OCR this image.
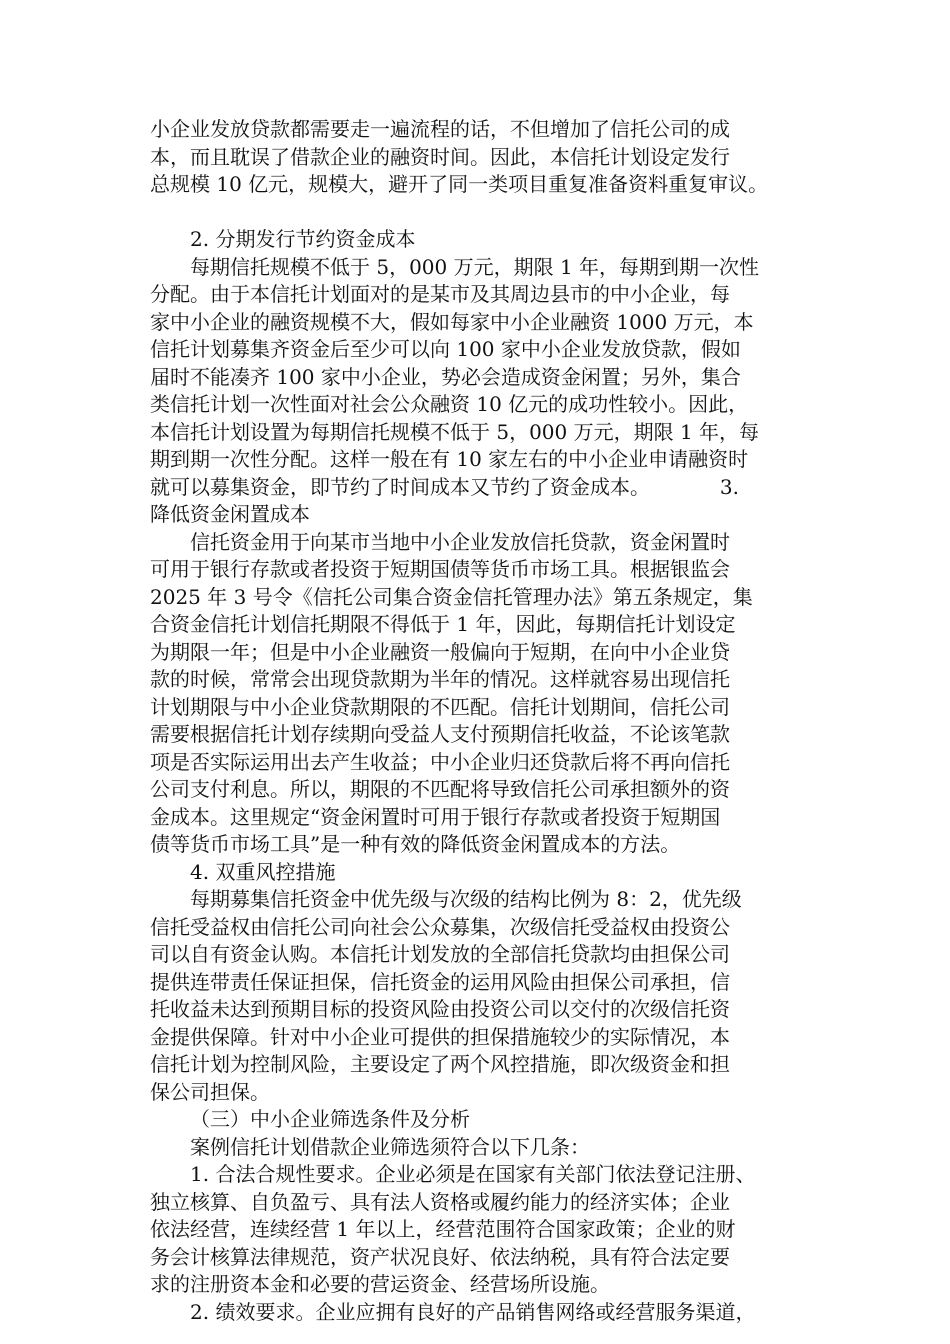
小企业发放贷款都需要走一遍流程的话，不但增加了信托公司的成
本，而且耽误了借款企业的融资时间。因此，本信托计划设定发行
总规模 10 亿元，规模大，避开了同一类项目重复准备资料重复审议。
2. 分期发行节约资金成本
每期信托规模不低于 5，000 万元，期限 1 年，每期到期一次性
分配。由于本信托计划面对的是某市及其周边县市的中小企业，每
家中小企业的融资规模不大，假如每家中小企业融资 1000 万元，本
信托计划募集齐资金后至少可以向 100 家中小企业发放贷款，假如
届时不能凑齐 100 家中小企业，势必会造成资金闲置；另外，集合
类信托计划一次性面对社会公众融资 10 亿元的成功性较小。因此，
本信托计划设置为每期信托规模不低于 5，000 万元，期限 1 年，每
期到期一次性分配。这样一般在有 10 家左右的中小企业申请融资时
就可以募集资金，即节约了时间成本又节约了资金成本。           3.
降低资金闲置成本
信托资金用于向某市当地中小企业发放信托贷款，资金闲置时
可用于银行存款或者投资于短期国债等货币市场工具。根据银监会
2025 年 3 号令《信托公司集合资金信托管理办法》第五条规定，集
合资金信托计划信托期限不得低于 1 年，因此，每期信托计划设定
为期限一年；但是中小企业融资一般偏向于短期，在向中小企业贷
款的时候，常常会出现贷款期为半年的情况。这样就容易出现信托
计划期限与中小企业贷款期限的不匹配。信托计划期间，信托公司
需要根据信托计划存续期向受益人支付预期信托收益，不论该笔款
项是否实际运用出去产生收益；中小企业归还贷款后将不再向信托
公司支付利息。所以，期限的不匹配将导致信托公司承担额外的资
金成本。这里规定“资金闲置时可用于银行存款或者投资于短期国
债等货币市场工具”是一种有效的降低资金闲置成本的方法。
4. 双重风控措施
每期募集信托资金中优先级与次级的结构比例为 8：2，优先级
信托受益权由信托公司向社会公众募集，次级信托受益权由投资公
司以自有资金认购。本信托计划发放的全部信托贷款均由担保公司
提供连带责任保证担保，信托资金的运用风险由担保公司承担，信
托收益未达到预期目标的投资风险由投资公司以交付的次级信托资
金提供保障。针对中小企业可提供的担保措施较少的实际情况，本
信托计划为控制风险，主要设定了两个风控措施，即次级资金和担
保公司担保。
（三）中小企业筛选条件及分析
案例信托计划借款企业筛选须符合以下几条：
1. 合法合规性要求。企业必须是在国家有关部门依法登记注册、
独立核算、自负盈亏、具有法人资格或履约能力的经济实体；企业
依法经营，连续经营 1 年以上，经营范围符合国家政策；企业的财
务会计核算法律规范，资产状况良好、依法纳税，具有符合法定要
求的注册资本金和必要的营运资金、经营场所设施。
2. 绩效要求。企业应拥有良好的产品销售网络或经营服务渠道，
